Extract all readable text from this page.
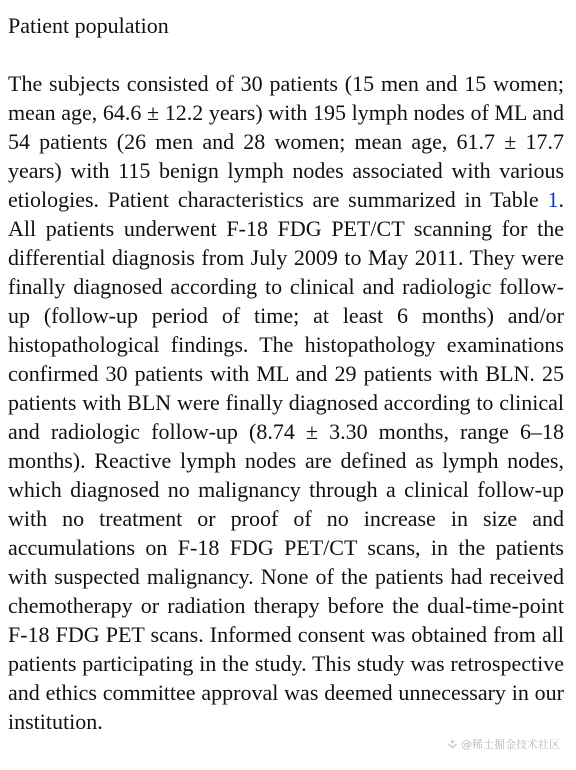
Patient population

The subjects consisted of 30 patients (15 men and 15 women; mean age, 64.6 ± 12.2 years) with 195 lymph nodes of ML and 54 patients (26 men and 28 women; mean age, 61.7 ± 17.7 years) with 115 benign lymph nodes associated with various etiologies. Patient characteristics are summarized in Table 1. All patients underwent F-18 FDG PET/CT scanning for the differential diagnosis from July 2009 to May 2011. They were finally diagnosed according to clinical and radiologic follow-up (follow-up period of time; at least 6 months) and/or histopathological findings. The histopathology examinations confirmed 30 patients with ML and 29 patients with BLN. 25 patients with BLN were finally diagnosed according to clinical and radiologic follow-up (8.74 ± 3.30 months, range 6–18 months). Reactive lymph nodes are defined as lymph nodes, which diagnosed no malignancy through a clinical follow-up with no treatment or proof of no increase in size and accumulations on F-18 FDG PET/CT scans, in the patients with suspected malignancy. None of the patients had received chemotherapy or radiation therapy before the dual-time-point F-18 FDG PET scans. Informed consent was obtained from all patients participating in the study. This study was retrospective and ethics committee approval was deemed unnecessary in our institution.

@稀土掘金技术社区
